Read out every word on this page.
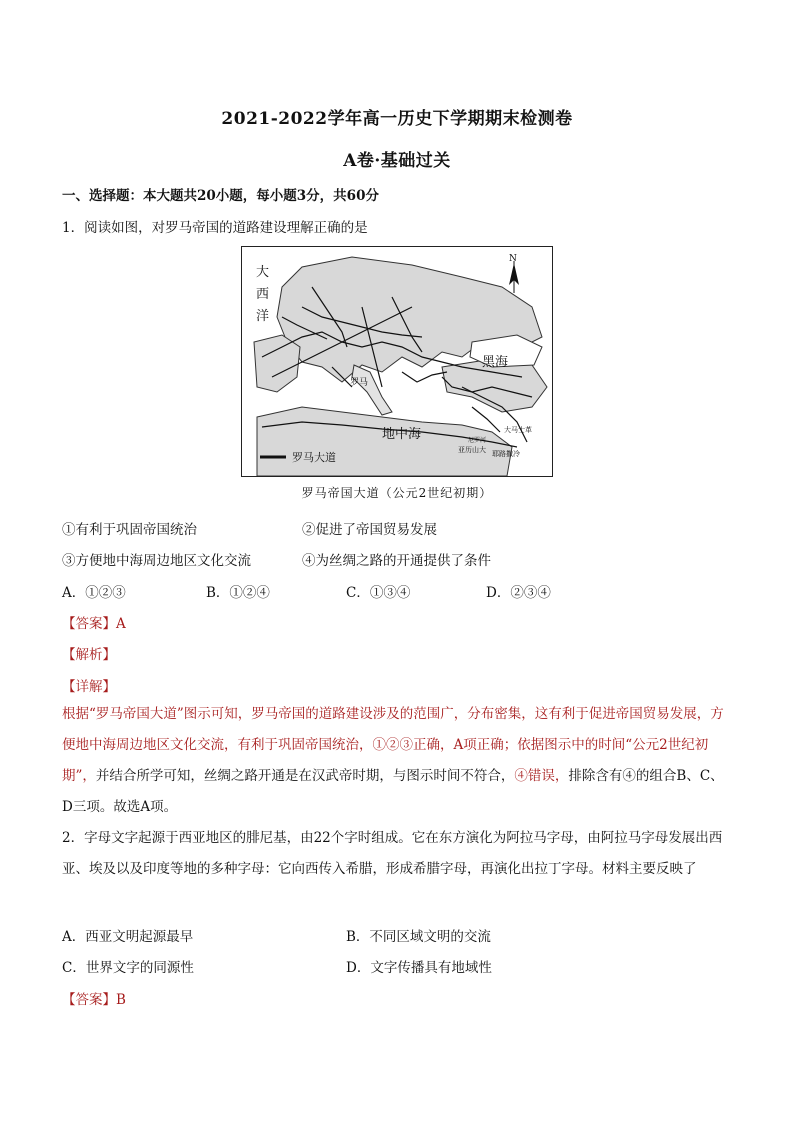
2021-2022学年高一历史下学期期末检测卷
A卷·基础过关
一、选择题：本大题共20小题，每小题3分，共60分
1．阅读如图，对罗马帝国的道路建设理解正确的是
大
西
洋
N
黑海
地中海
罗马
大马士革
亚历山大 耶路撒冷
尼罗河
罗马大道
罗马帝国大道（公元2世纪初期）
①有利于巩固帝国统治	②促进了帝国贸易发展
③方便地中海周边地区文化交流	④为丝绸之路的开通提供了条件
A．①②③	B．①②④	C．①③④	D．②③④
【答案】A
【解析】
【详解】
根据“罗马帝国大道”图示可知，罗马帝国的道路建设涉及的范围广，分布密集，这有利于促进帝国贸易发展，方便地中海周边地区文化交流，有利于巩固帝国统治，①②③正确，A项正确；依据图示中的时间“公元2世纪初期”，并结合所学可知，丝绸之路开通是在汉武帝时期，与图示时间不符合，④错误，排除含有④的组合B、C、D三项。故选A项。
2．字母文字起源于西亚地区的腓尼基，由22个字时组成。它在东方演化为阿拉马字母，由阿拉马字母发展出西亚、埃及以及印度等地的多种字母：它向西传入希腊，形成希腊字母，再演化出拉丁字母。材料主要反映了
A．西亚文明起源最早	B．不同区域文明的交流
C．世界文字的同源性	D．文字传播具有地域性
【答案】B
